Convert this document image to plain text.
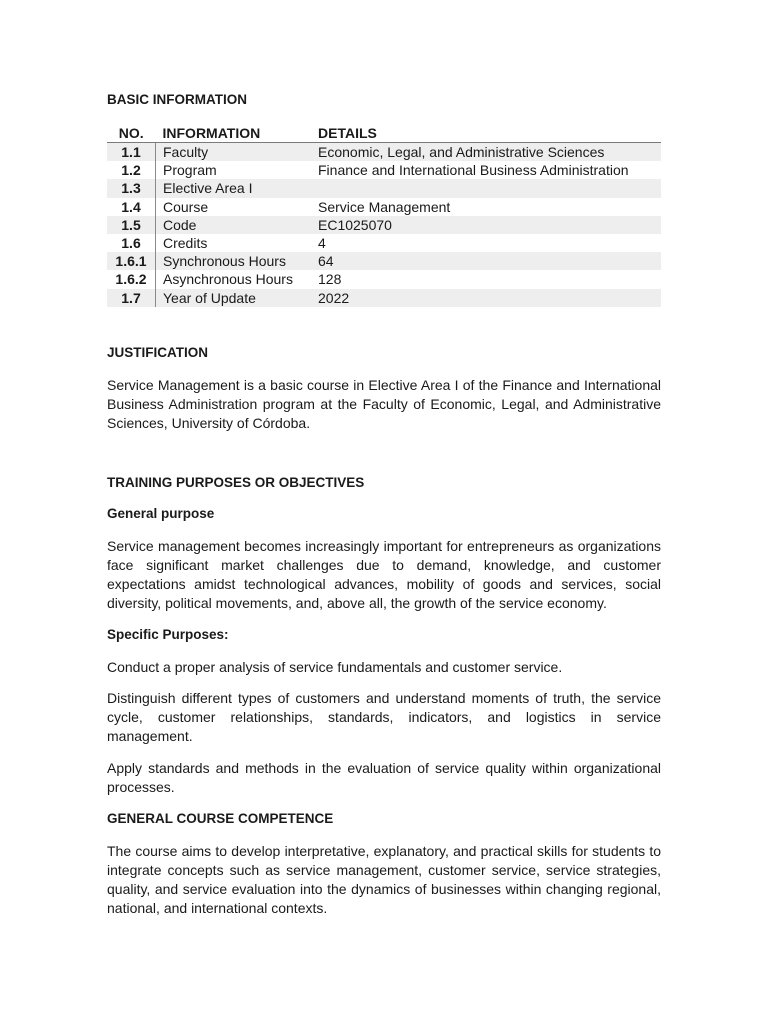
BASIC INFORMATION
NO.	INFORMATION	DETAILS
1.1	Faculty	Economic, Legal, and Administrative Sciences
1.2	Program	Finance and International Business Administration
1.3	Elective Area I	
1.4	Course	Service Management
1.5	Code	EC1025070
1.6	Credits	4
1.6.1	Synchronous Hours	64
1.6.2	Asynchronous Hours	128
1.7	Year of Update	2022
JUSTIFICATION

Service Management is a basic course in Elective Area I of the Finance and International Business Administration program at the Faculty of Economic, Legal, and Administrative Sciences, University of Córdoba.

TRAINING PURPOSES OR OBJECTIVES
General purpose

Service management becomes increasingly important for entrepreneurs as organizations face significant market challenges due to demand, knowledge, and customer expectations amidst technological advances, mobility of goods and services, social diversity, political movements, and, above all, the growth of the service economy.

Specific Purposes:

Conduct a proper analysis of service fundamentals and customer service.

Distinguish different types of customers and understand moments of truth, the service cycle, customer relationships, standards, indicators, and logistics in service management.

Apply standards and methods in the evaluation of service quality within organizational processes.

GENERAL COURSE COMPETENCE

The course aims to develop interpretative, explanatory, and practical skills for students to integrate concepts such as service management, customer service, service strategies, quality, and service evaluation into the dynamics of businesses within changing regional, national, and international contexts.
